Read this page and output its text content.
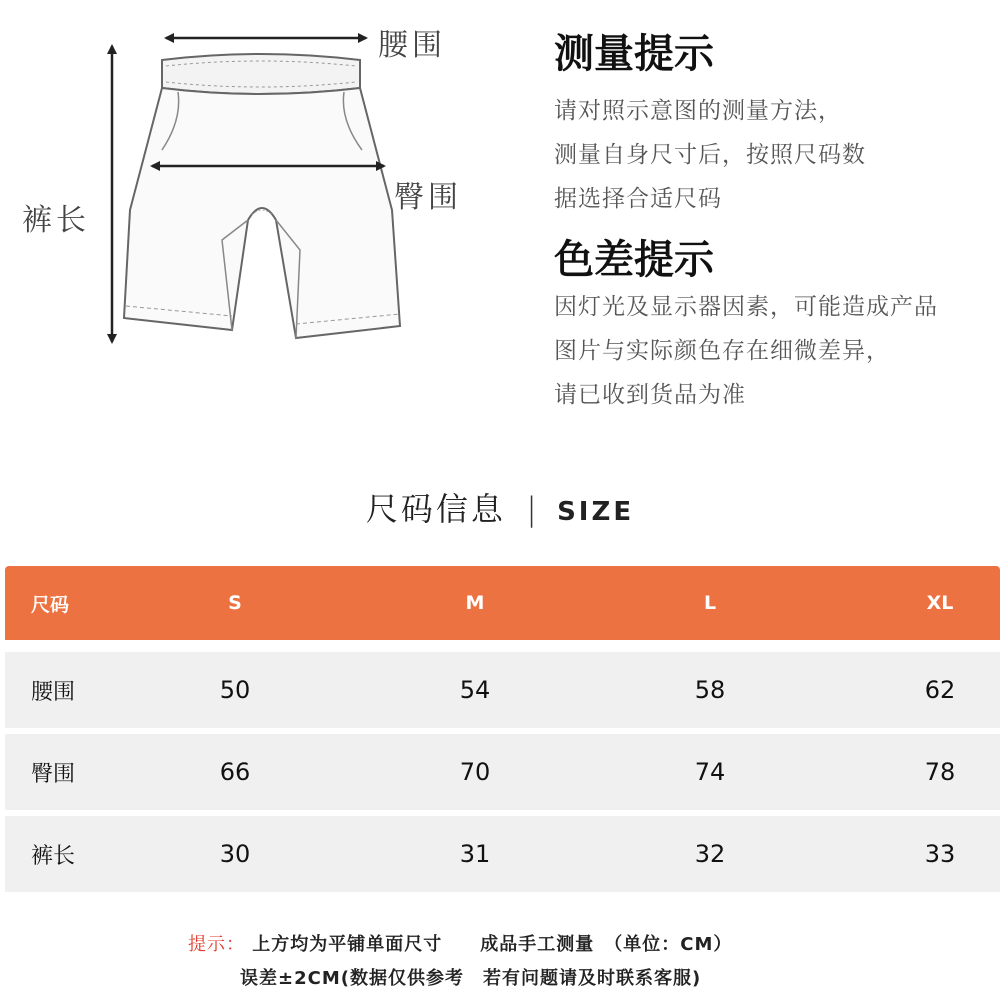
腰围
臀围
裤长
测量提示
请对照示意图的测量方法，
测量自身尺寸后，按照尺码数
据选择合适尺码
色差提示
因灯光及显示器因素，可能造成产品
图片与实际颜色存在细微差异，
请已收到货品为准
尺码信息 | SIZE
尺码	S	M	L	XL
腰围	50	54	58	62
臀围	66	70	74	78
裤长	30	31	32	33
提示： 上方均为平铺单面尺寸　　成品手工测量　（单位：CM）
误差±2CM(数据仅供参考　若有问题请及时联系客服)
